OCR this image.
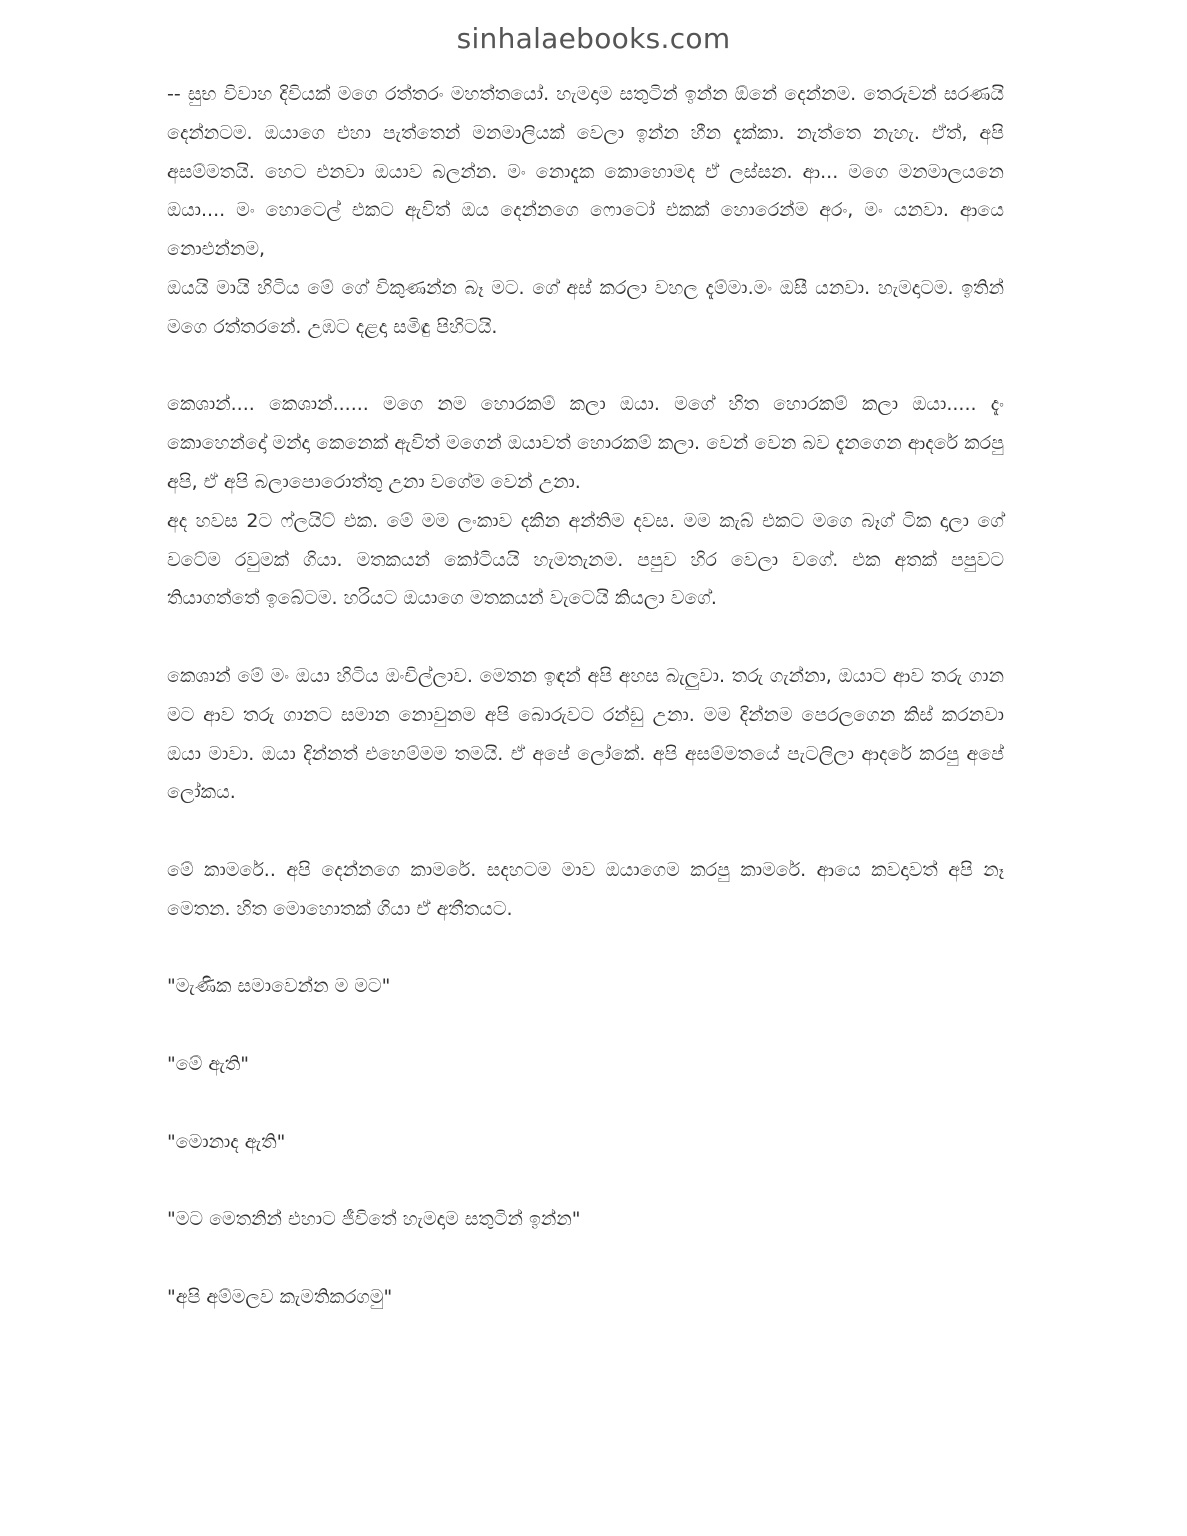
sinhalaebooks.com

-- සුභ විවාහ දිවියක් මගෙ රත්තරං මහත්තයෝ. හැමදාම සතුටින් ඉන්න ඕනේ දෙන්නම. තෙරුවන් සරණයි දෙන්නටම. ඔයාගෙ එහා පැත්තෙන් මනමාලියක් වෙලා ඉන්න හීන දැක්කා. නැත්තෙ නැහැ. ඒත්, අපි අසම්මතයි. හෙට එනවා ඔයාව බලන්න. මං නොදැක කොහොමද ඒ ලස්සන. ආ... මගෙ මනමාලයනෙ ඔයා.... මං හොටෙල් එකට ඇවිත් ඔය දෙන්නගෙ ෆොටෝ එකක් හොරෙන්ම අරං, මං යනවා. ආයෙ නොඑන්නම,

ඔයයි මායි හිටිය මේ ගේ විකුණන්න බෑ මට. ගේ අස් කරලා වහල දැම්මා.මං ඔසී යනවා. හැමදාටම. ඉතින් මගෙ රත්තරනේ. උඹට දළදා සමිඳු පිහිටයි.

කෙශාන්.... කෙශාන්...... මගෙ නම හොරකම් කලා ඔයා. මගේ හිත හොරකම් කලා ඔයා..... දැං කොහෙන්දෝ මන්දා කෙනෙක් ඇවිත් මගෙන් ඔයාවත් හොරකම් කලා. වෙන් වෙන බව දැනගෙන ආදරේ කරපු අපි, ඒ අපි බලාපොරොත්තු උනා වගේම වෙන් උනා.

අද හවස 2ට ෆ්ලයිට් එක. මේ මම ලංකාව දකින අන්තිම දවස. මම කැබ් එකට මගෙ බෑග් ටික දාලා ගේ වටේම රවුමක් ගියා. මතකයන් කෝටියයි හැමතැනම. පපුව හිර වෙලා වගේ. එක අතක් පපුවට තියාගත්තේ ඉබේටම. හරියට ඔයාගෙ මතකයන් වැටෙයි කියලා වගේ.

කෙශාන් මේ මං ඔයා හිටිය ඔංචිල්ලාව. මෙතන ඉඳන් අපි අහස බැලුවා. තරු ගැන්නා, ඔයාට ආව තරු ගාන මට ආව තරු ගානට සමාන නොවුනම අපි බොරුවට රන්ඩු උනා. මම දින්නම පෙරලගෙන කිස් කරනවා ඔයා මාවා. ඔයා දින්නත් එහෙම්මම තමයි. ඒ අපේ ලෝකේ. අපි අසම්මතයේ පැටලිලා ආදරේ කරපු අපේ ලෝකය.

මේ කාමරේ.. අපි දෙන්නගෙ කාමරේ. සදහටම මාව ඔයාගෙම කරපු කාමරේ. ආයෙ කවදාවත් අපි නෑ මෙතන. හිත මොහොතක් ගියා ඒ අතීතයට.

"මැණික සමාවෙන්න ම මට"

"මේ ඇති"

"මොනාද ඇති"

"මට මෙතනින් එහාට ජීවිතේ හැමදාම සතුටින් ඉන්න"

"අපි අම්මලව කැමතිකරගමු"
